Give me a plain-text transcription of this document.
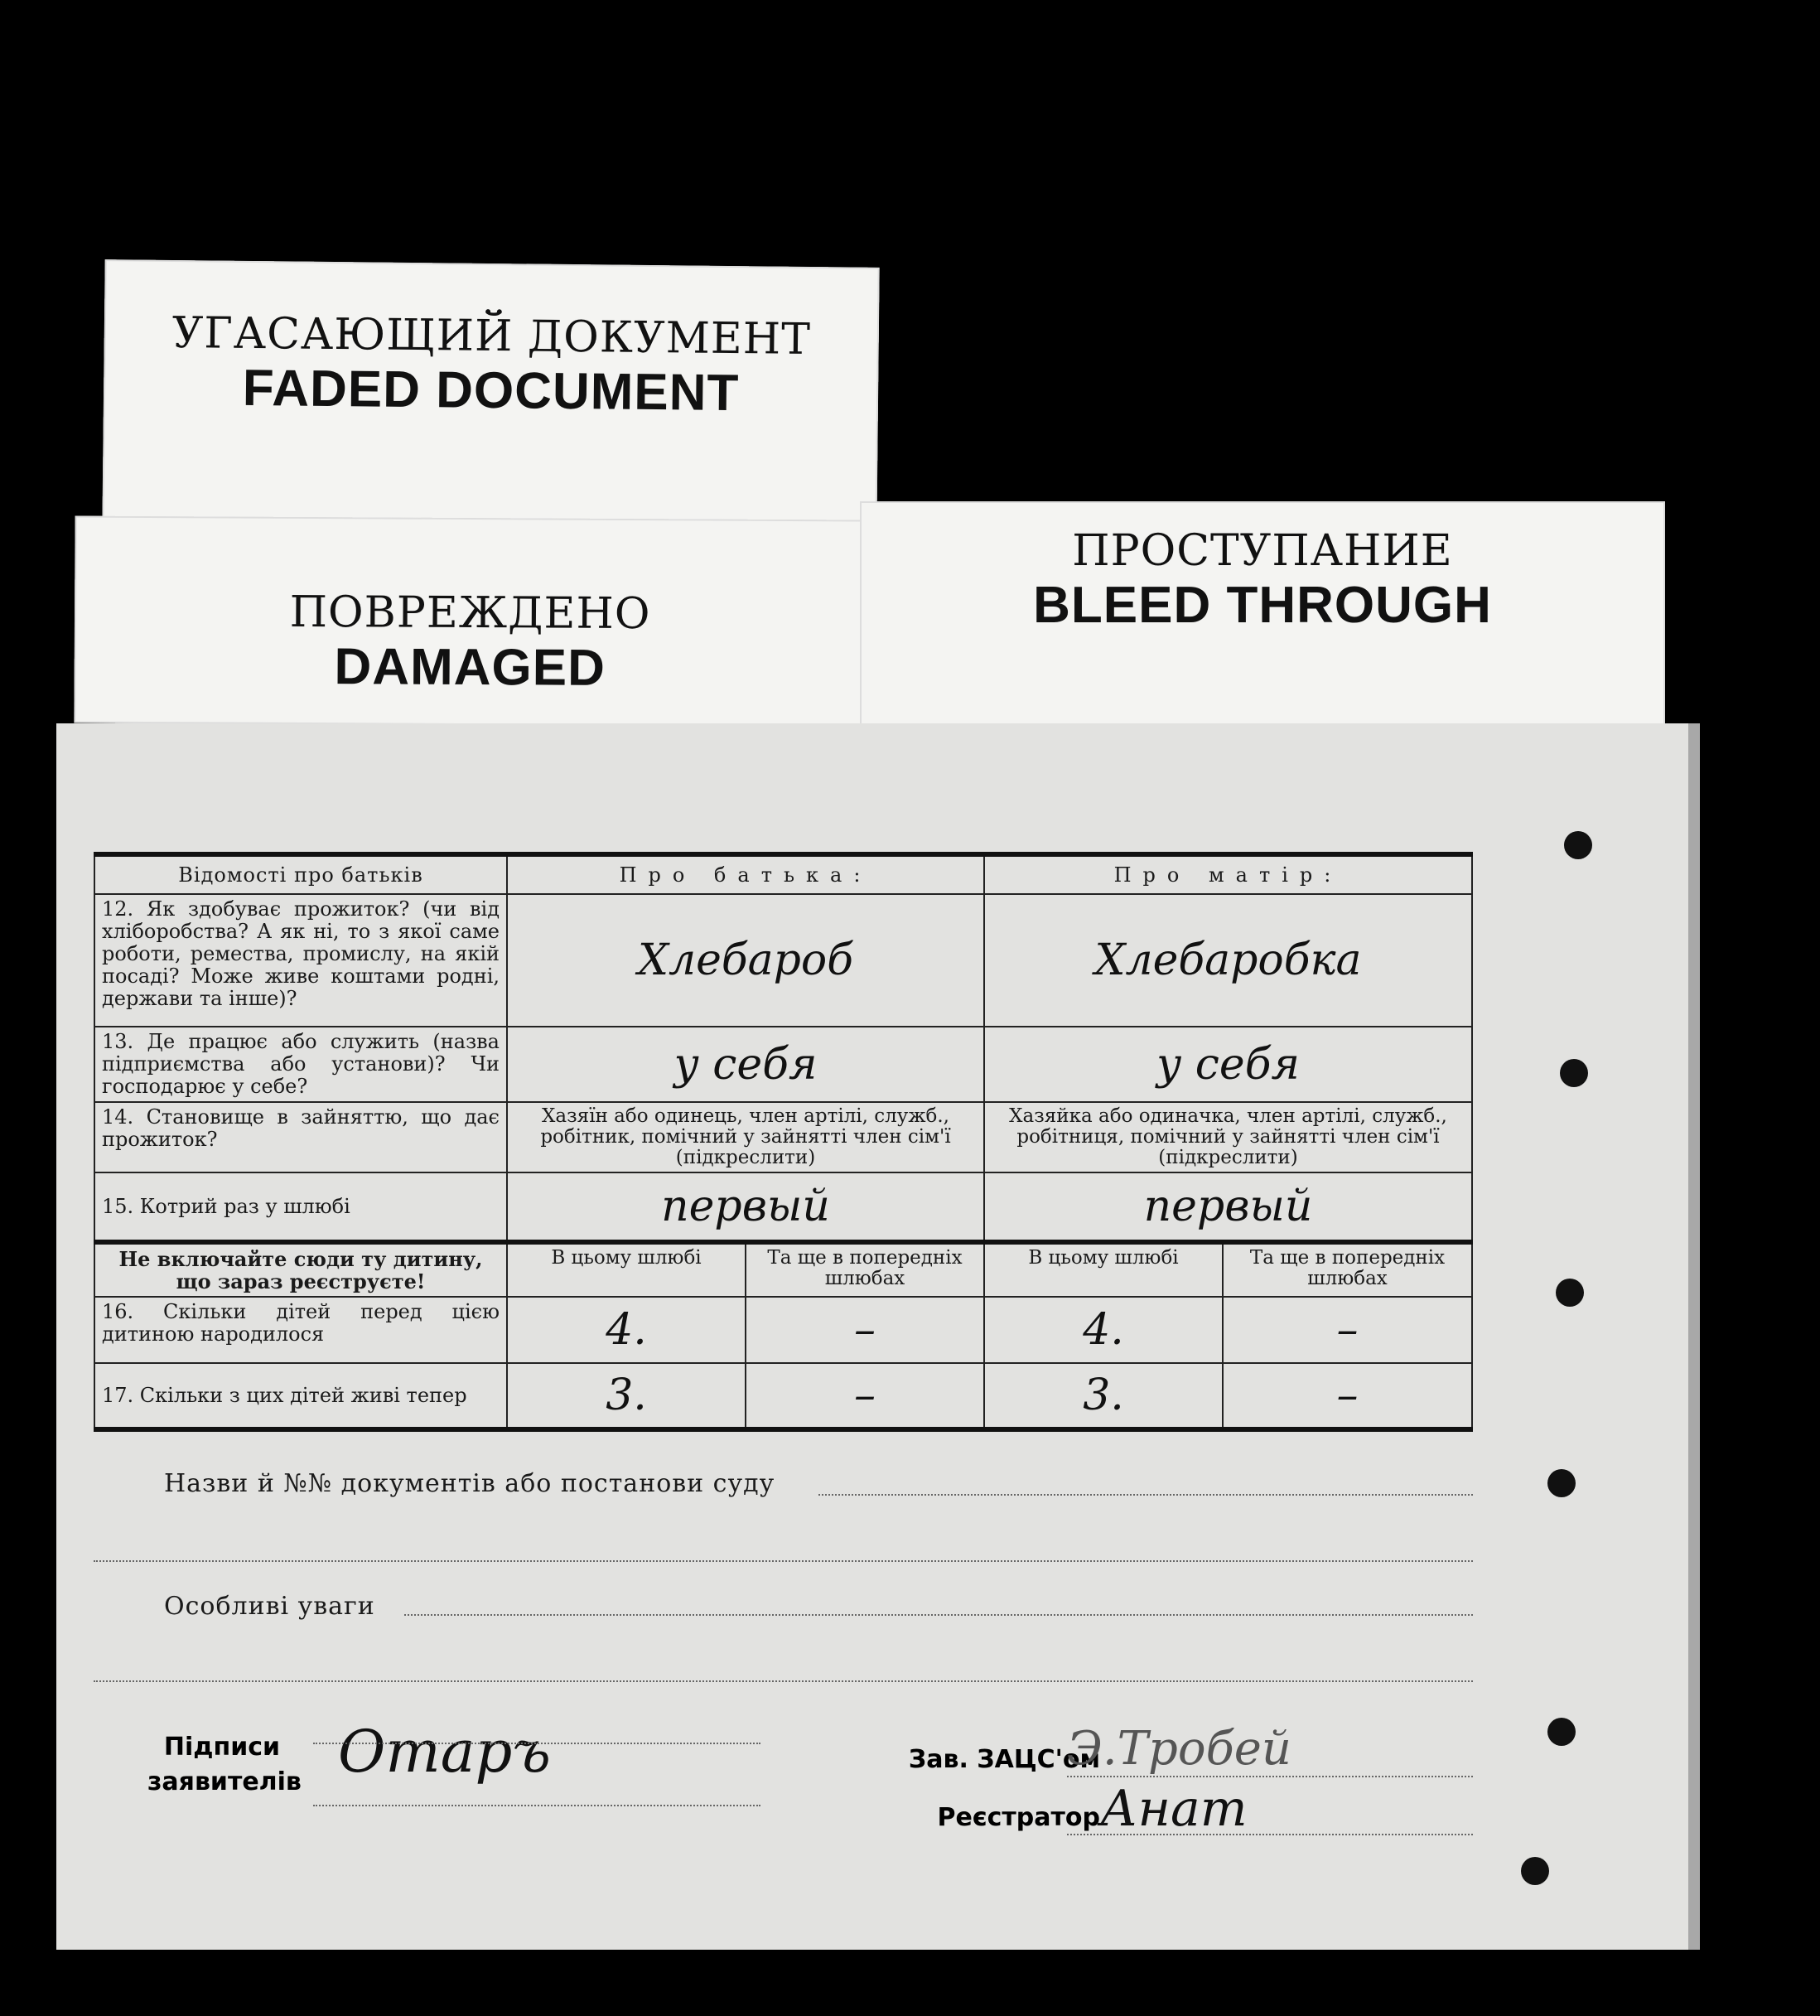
УГАСАЮЩИЙ ДОКУМЕНТ
FADED DOCUMENT
ПОВРЕЖДЕНО
DAMAGED
ПРОСТУПАНИЕ
BLEED THROUGH
Відомості про батьків	Про батька:		Про матір:	
12. Як здобуває прожиток? (чи від хліборобства? А як ні, то з якої саме роботи, ремества, промислу, на якій посаді? Може живе коштами родні, держави та інше)?	Хлебароб		Хлебаробка	
13. Де працює або служить (назва підприємства або установи)? Чи господарює у себе?	у себя		у себя	
14. Становище в зайняттю, що дає прожиток?	Хазяїн або одинець, член артілі, служб., робітник, помічний у зайнятті член сім'ї (підкреслити)		Хазяйка або одиначка, член артілі, служб., робітниця, помічний у зайнятті член сім'ї (підкреслити)	
15. Котрий раз у шлюбі	первый		первый	
Не включайте сюди ту дитину, що зараз реєструєте!	В цьому шлюбі	Та ще в попередніх шлюбах	В цьому шлюбі	Та ще в попередніх шлюбах
16. Скільки дітей перед цією дитиною народилося	4.	–	4.	–
17. Скільки з цих дітей живі тепер	3.	–	3.	–
Назви й №№ документів або постанови суду
Особливі уваги
Підписи заявителів Отаръ	Зав. ЗАЦС'ом
Э.Тробей
Реєстратор Анат
